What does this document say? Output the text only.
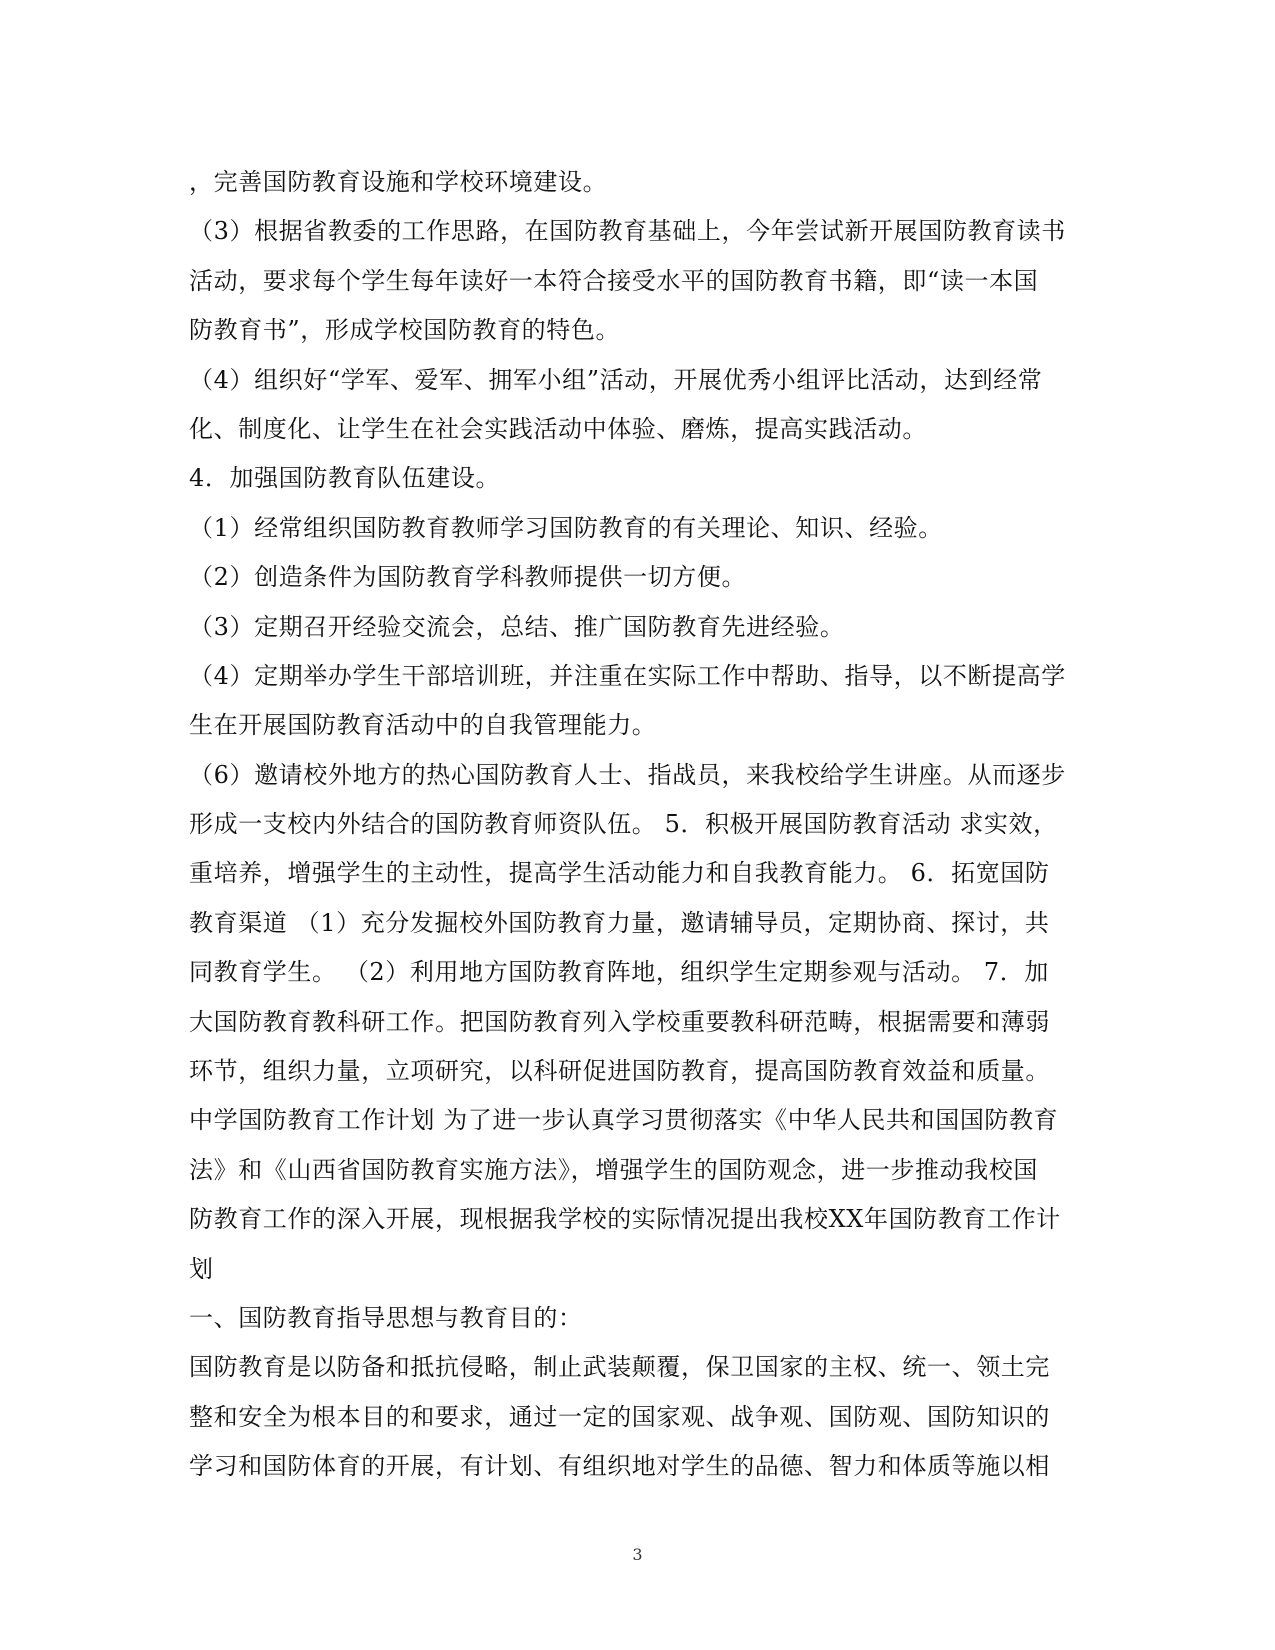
，完善国防教育设施和学校环境建设。
（3）根据省教委的工作思路，在国防教育基础上，今年尝试新开展国防教育读书
活动，要求每个学生每年读好一本符合接受水平的国防教育书籍，即“读一本国
防教育书”，形成学校国防教育的特色。
（4）组织好“学军、爱军、拥军小组”活动，开展优秀小组评比活动，达到经常
化、制度化、让学生在社会实践活动中体验、磨炼，提高实践活动。
4．加强国防教育队伍建设。
（1）经常组织国防教育教师学习国防教育的有关理论、知识、经验。
（2）创造条件为国防教育学科教师提供一切方便。
（3）定期召开经验交流会，总结、推广国防教育先进经验。
（4）定期举办学生干部培训班，并注重在实际工作中帮助、指导，以不断提高学
生在开展国防教育活动中的自我管理能力。
（6）邀请校外地方的热心国防教育人士、指战员，来我校给学生讲座。从而逐步
形成一支校内外结合的国防教育师资队伍。 5．积极开展国防教育活动 求实效，
重培养，增强学生的主动性，提高学生活动能力和自我教育能力。 6．拓宽国防
教育渠道 （1）充分发掘校外国防教育力量，邀请辅导员，定期协商、探讨，共
同教育学生。 （2）利用地方国防教育阵地，组织学生定期参观与活动。 7．加
大国防教育教科研工作。把国防教育列入学校重要教科研范畴，根据需要和薄弱
环节，组织力量，立项研究，以科研促进国防教育，提高国防教育效益和质量。
中学国防教育工作计划 为了进一步认真学习贯彻落实《中华人民共和国国防教育
法》和《山西省国防教育实施方法》，增强学生的国防观念，进一步推动我校国
防教育工作的深入开展，现根据我学校的实际情况提出我校XX年国防教育工作计
划
一、国防教育指导思想与教育目的：
国防教育是以防备和抵抗侵略，制止武装颠覆，保卫国家的主权、统一、领土完
整和安全为根本目的和要求，通过一定的国家观、战争观、国防观、国防知识的
学习和国防体育的开展，有计划、有组织地对学生的品德、智力和体质等施以相
3
